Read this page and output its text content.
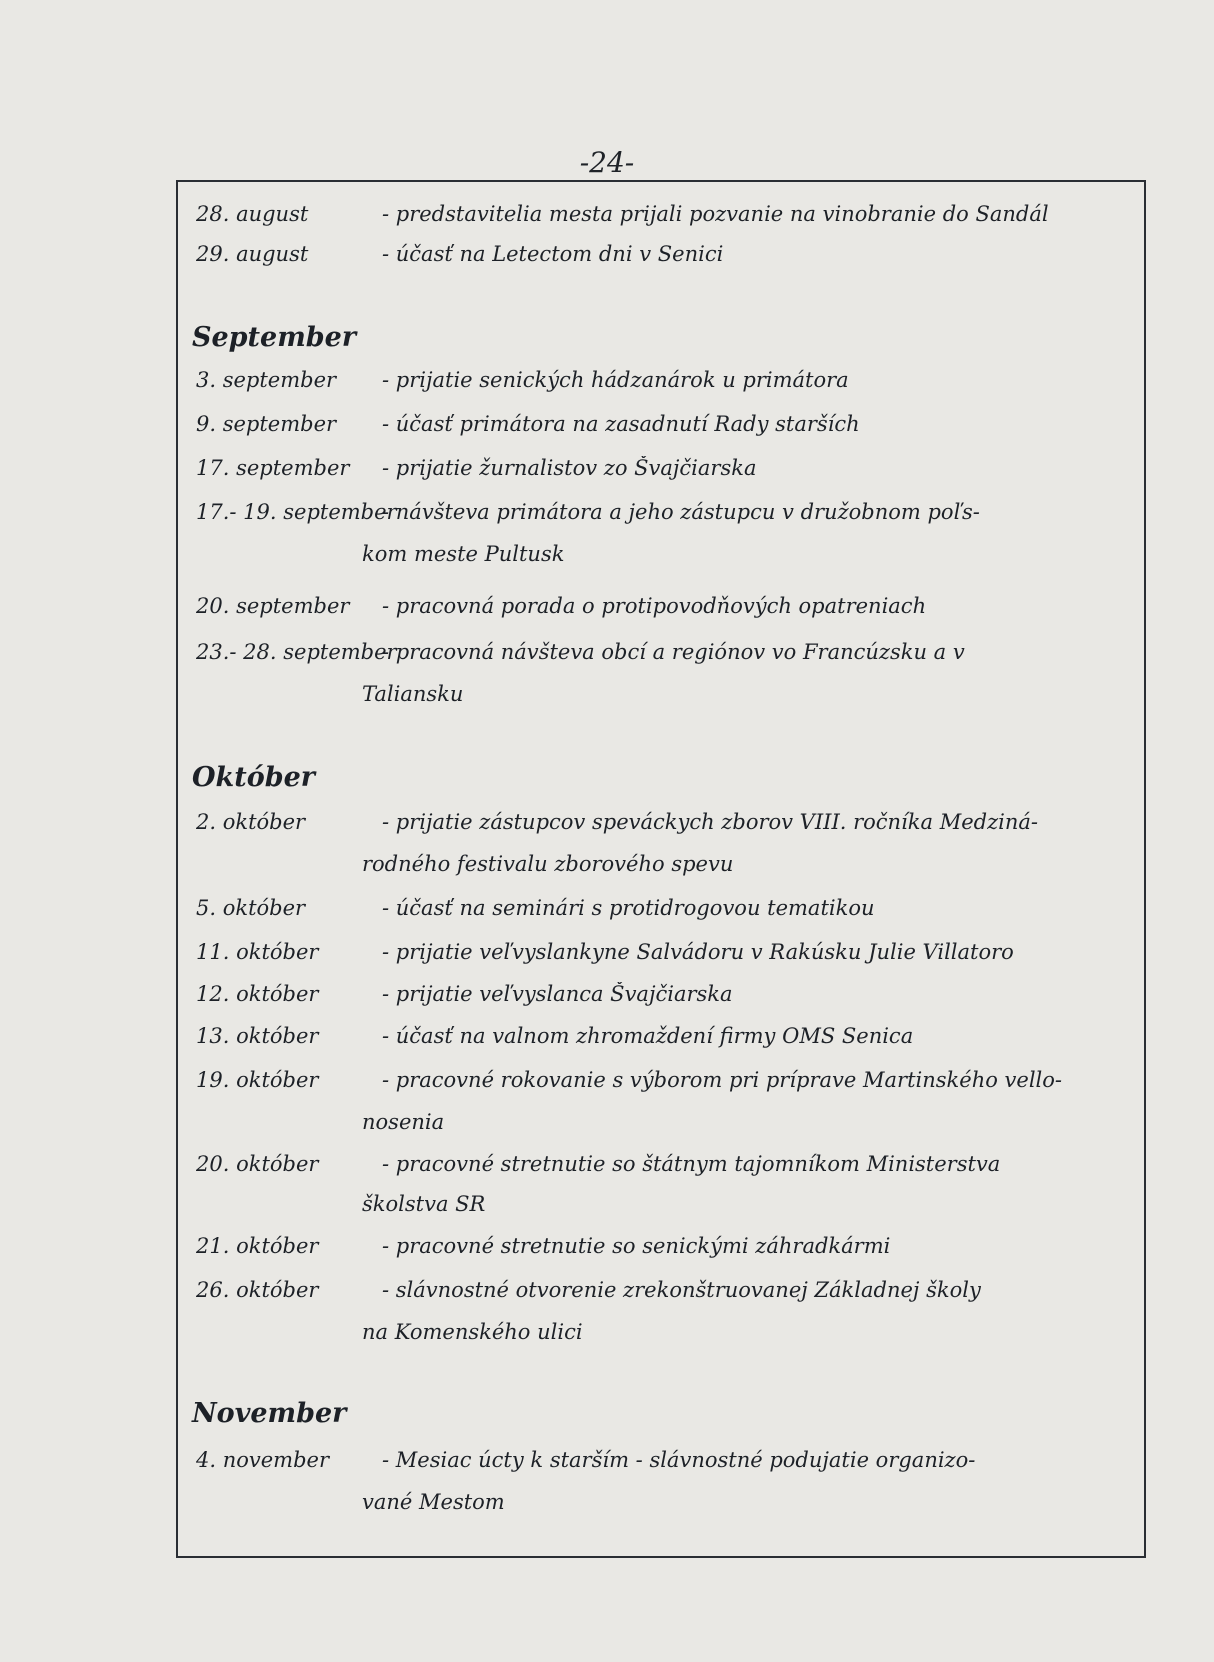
-24-
28. august	- predstavitelia mesta prijali pozvanie na vinobranie do Sandál
29. august	- účasť na Letectom dni v Senici
September
3. september - prijatie senických hádzanárok u primátora
9. september - účasť primátora na zasadnutí Rady starších
17. september - prijatie žurnalistov zo Švajčiarska
17.- 19. september- návšteva primátora a jeho zástupcu v družobnom poľs-
kom meste Pultusk
20. september - pracovná porada o protipovodňových opatreniach
23.- 28. september- pracovná návšteva obcí a regiónov vo Francúzsku a v
Taliansku
Október
2. október	- prijatie zástupcov speváckych zborov VIII. ročníka Medziná-
rodného festivalu zborového spevu
5. október	- účasť na seminári s protidrogovou tematikou
11. október	- prijatie veľvyslankyne Salvádoru v Rakúsku Julie Villatoro
12. október	- prijatie veľvyslanca Švajčiarska
13. október	- účasť na valnom zhromaždení firmy OMS Senica
19. október	- pracovné rokovanie s výborom pri príprave Martinského vello-
nosenia
20. október	- pracovné stretnutie so štátnym tajomníkom Ministerstva
školstva SR
21. október	- pracovné stretnutie so senickými záhradkármi
26. október	- slávnostné otvorenie zrekonštruovanej Základnej školy
na Komenského ulici
November
4. november	- Mesiac úcty k starším - slávnostné podujatie organizo-
vané Mestom
